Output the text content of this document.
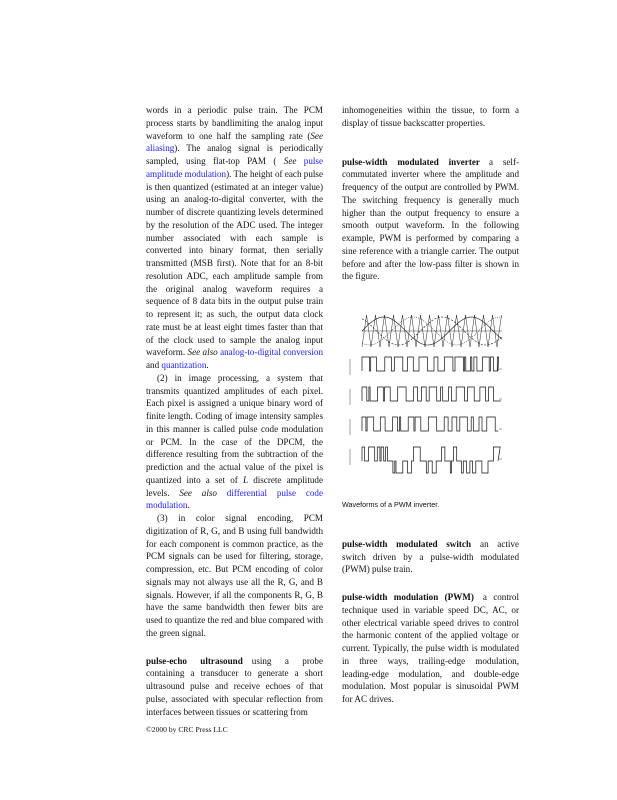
words in a periodic pulse train. The PCM process starts by bandlimiting the analog input waveform to one half the sampling rate (See aliasing). The analog signal is periodically sampled, using flat-top PAM ( See pulse amplitude modulation). The height of each pulse is then quantized (estimated at an integer value) using an analog-to-digital converter, with the number of discrete quantizing levels determined by the resolution of the ADC used. The integer number associated with each sample is converted into binary format, then serially transmitted (MSB first). Note that for an 8-bit resolution ADC, each amplitude sample from the original analog waveform requires a sequence of 8 data bits in the output pulse train to represent it; as such, the output data clock rate must be at least eight times faster than that of the clock used to sample the analog input waveform. See also analog-to-digital conversion and quantization.

(2) in image processing, a system that transmits quantized amplitudes of each pixel. Each pixel is assigned a unique binary word of finite length. Coding of image intensity samples in this manner is called pulse code modulation or PCM. In the case of the DPCM, the difference resulting from the subtraction of the prediction and the actual value of the pixel is quantized into a set of L discrete amplitude levels. See also differential pulse code modulation.

(3) in color signal encoding, PCM digitization of R, G, and B using full bandwidth for each component is common practice, as the PCM signals can be used for filtering, storage, compression, etc. But PCM encoding of color signals may not always use all the R, G, and B signals. However, if all the components R, G, B have the same bandwidth then fewer bits are used to quantize the red and blue compared with the green signal.

pulse-echo ultrasound using a probe containing a transducer to generate a short ultrasound pulse and receive echoes of that pulse, associated with specular reflection from interfaces between tissues or scattering from

inhomogeneities within the tissue, to form a display of tissue backscatter properties.

pulse-width modulated inverter a self-commutated inverter where the amplitude and frequency of the output are controlled by PWM. The switching frequency is generally much higher than the output frequency to ensure a smooth output waveform. In the following example, PWM is performed by comparing a sine reference with a triangle carrier. The output before and after the low-pass filter is shown in the figure.

Waveforms of a PWM inverter.

pulse-width modulated switch an active switch driven by a pulse-width modulated (PWM) pulse train.

pulse-width modulation (PWM) a control technique used in variable speed DC, AC, or other electrical variable speed drives to control the harmonic content of the applied voltage or current. Typically, the pulse width is modulated in three ways, trailing-edge modulation, leading-edge modulation, and double-edge modulation. Most popular is sinusoidal PWM for AC drives.

©2000 by CRC Press LLC
